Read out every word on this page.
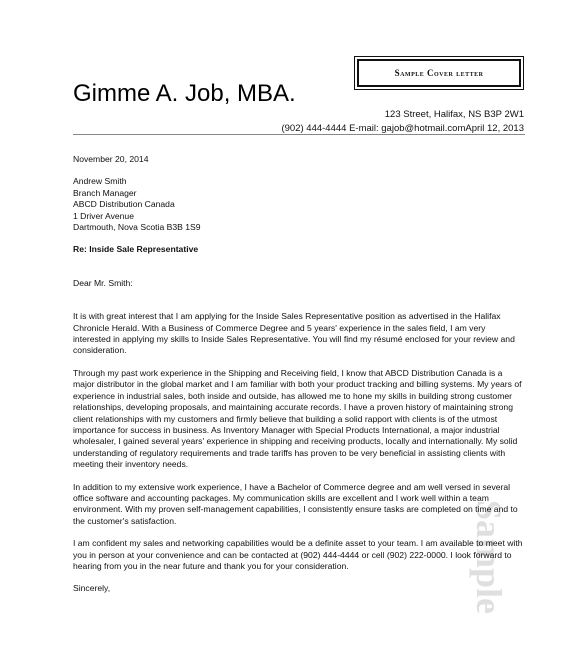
Sample
Sample Cover letter
Gimme A. Job, MBA.
123 Street, Halifax, NS B3P 2W1
(902) 444-4444 E-mail: gajob@hotmail.comApril 12, 2013

November 20, 2014

Andrew Smith

Branch Manager

ABCD Distribution Canada

1 Driver Avenue

Dartmouth, Nova Scotia B3B 1S9

Re: Inside Sale Representative

Dear Mr. Smith:

It is with great interest that I am applying for the Inside Sales Representative position as advertised in the Halifax Chronicle Herald. With a Business of Commerce Degree and 5 years' experience in the sales field, I am very interested in applying my skills to Inside Sales Representative. You will find my résumé enclosed for your review and consideration.

Through my past work experience in the Shipping and Receiving field, I know that ABCD Distribution Canada is a major distributor in the global market and I am familiar with both your product tracking and billing systems. My years of experience in industrial sales, both inside and outside, has allowed me to hone my skills in building strong customer relationships, developing proposals, and maintaining accurate records. I have a proven history of maintaining strong client relationships with my customers and firmly believe that building a solid rapport with clients is of the utmost importance for success in business. As Inventory Manager with Special Products International, a major industrial wholesaler, I gained several years' experience in shipping and receiving products, locally and internationally. My solid understanding of regulatory requirements and trade tariffs has proven to be very beneficial in assisting clients with meeting their inventory needs.

In addition to my extensive work experience, I have a Bachelor of Commerce degree and am well versed in several office software and accounting packages. My communication skills are excellent and I work well within a team environment. With my proven self-management capabilities, I consistently ensure tasks are completed on time and to the customer's satisfaction.

I am confident my sales and networking capabilities would be a definite asset to your team. I am available to meet with you in person at your convenience and can be contacted at (902) 444-4444 or cell (902) 222-0000. I look forward to hearing from you in the near future and thank you for your consideration.

Sincerely,
